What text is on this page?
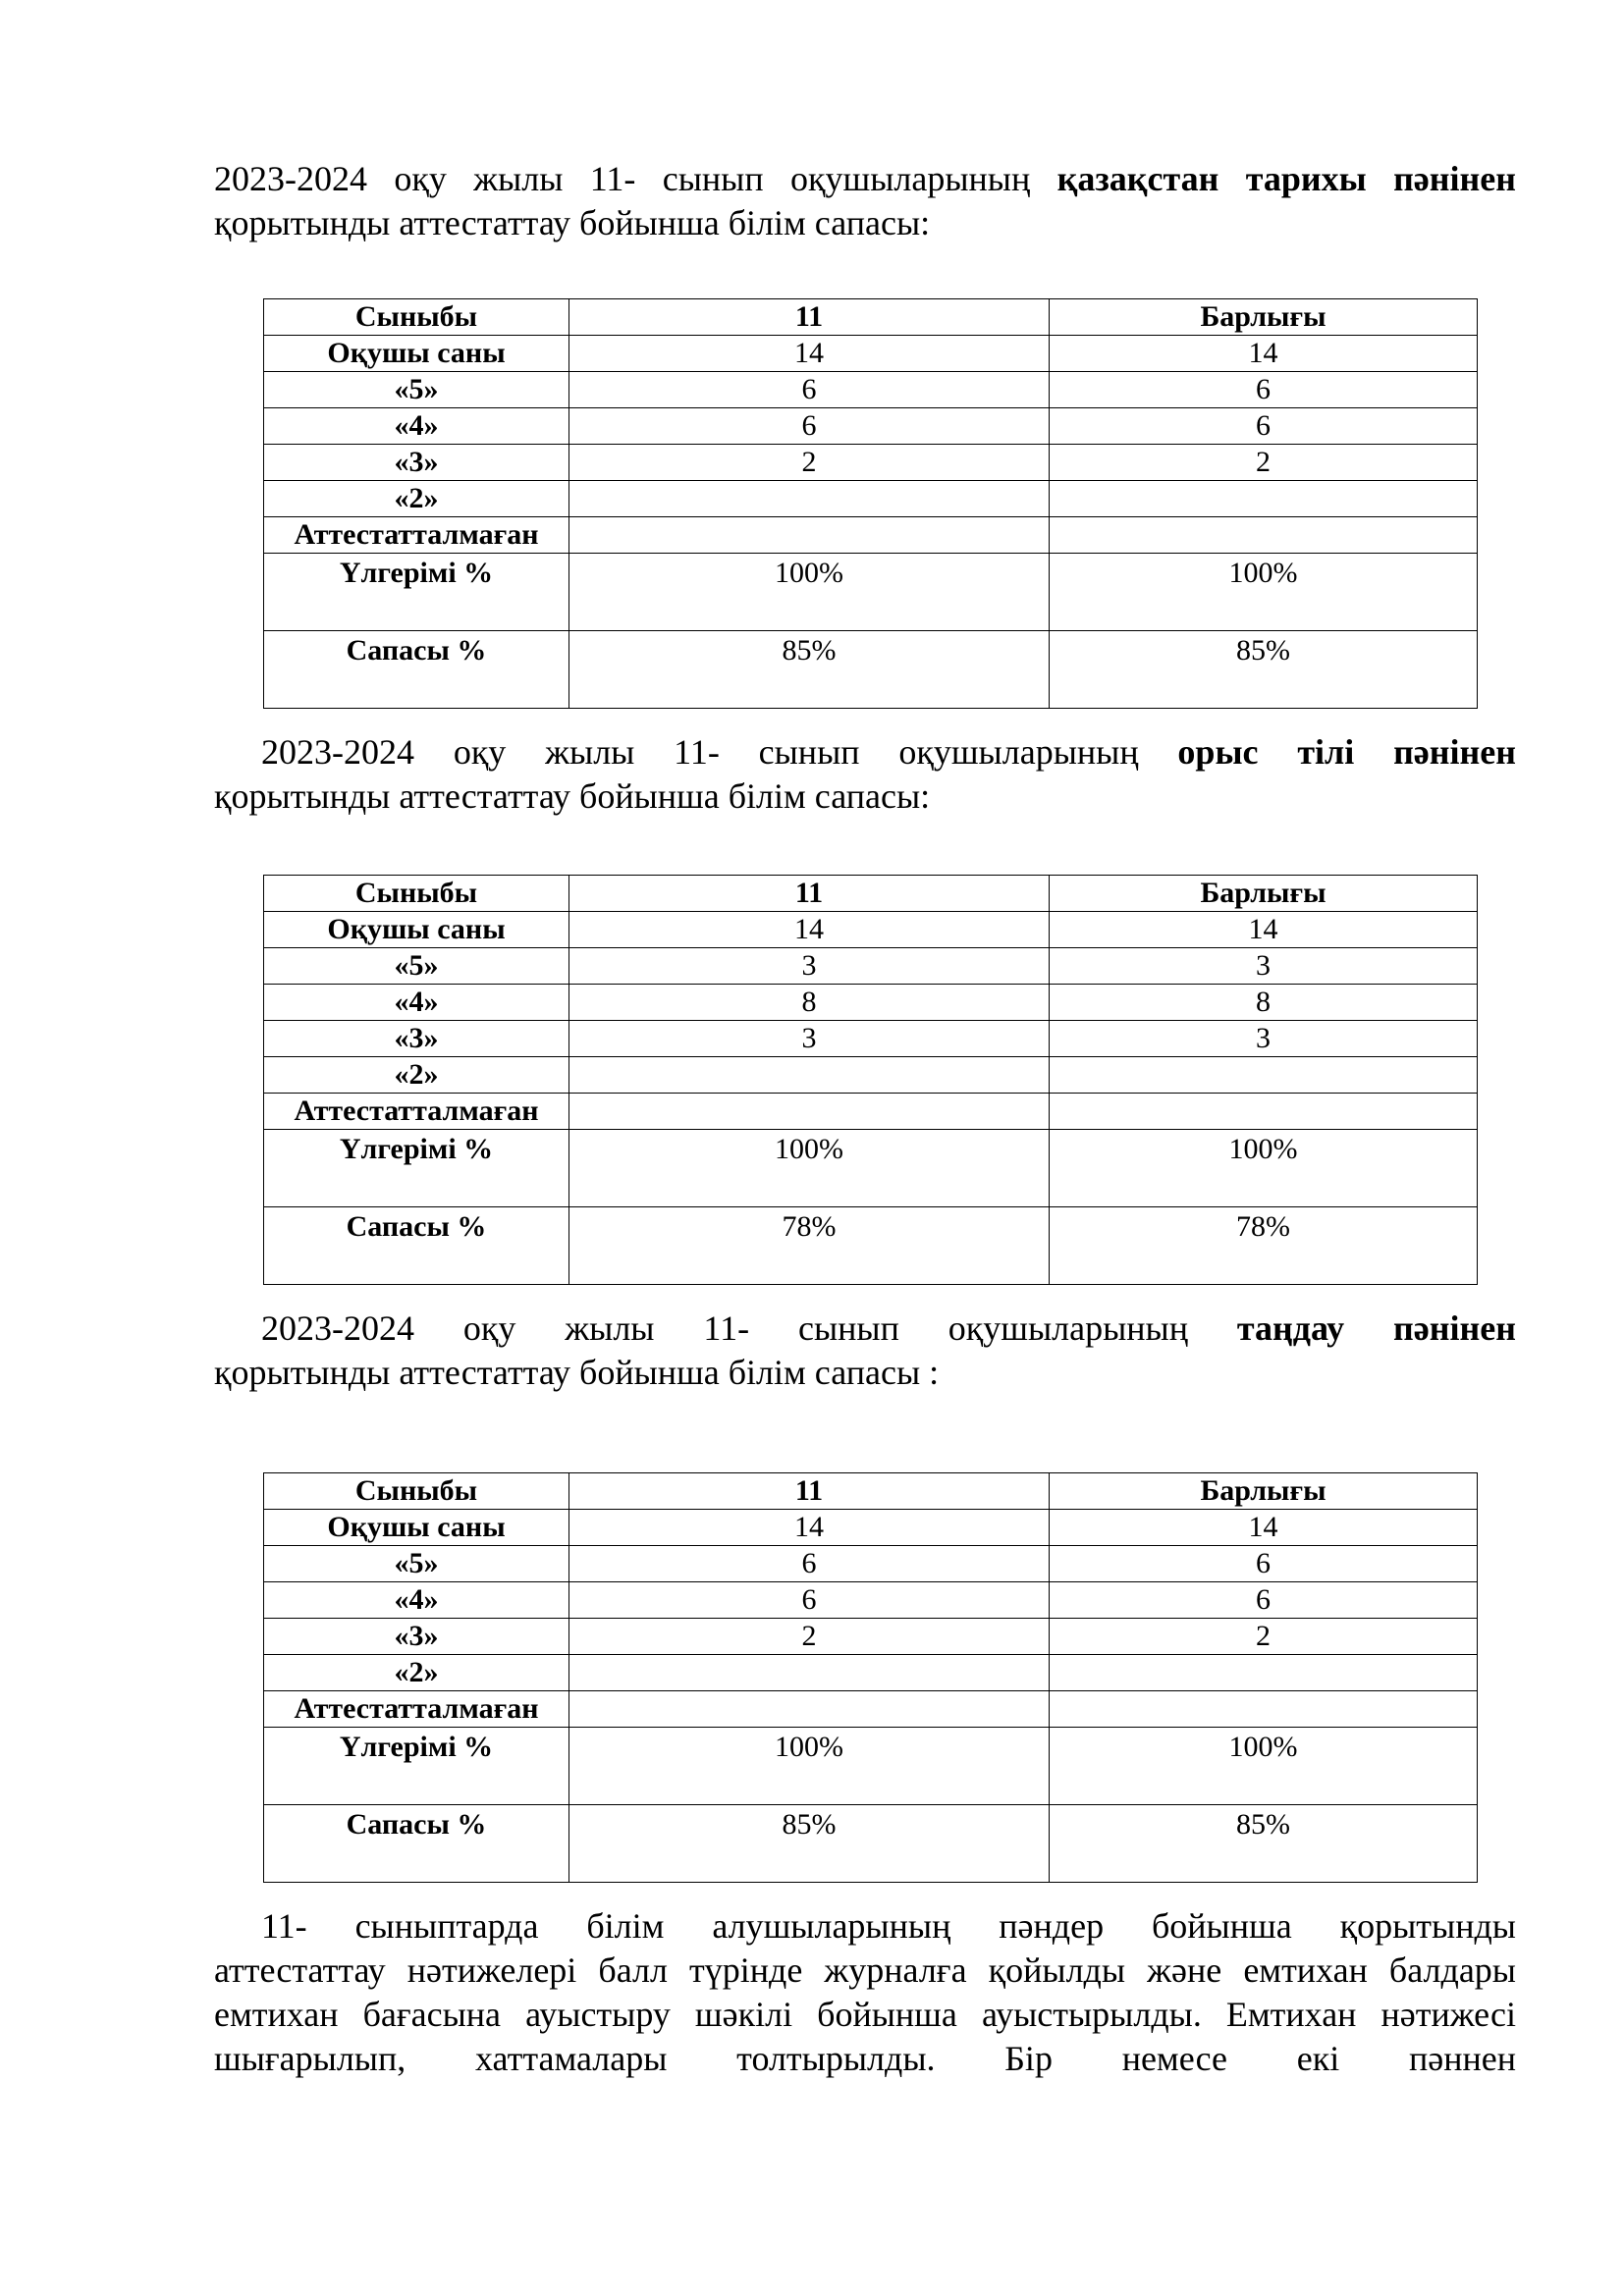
2023-2024 оқу жылы 11- сынып оқушыларының қазақстан тарихы пәнінен
қорытынды аттестаттау бойынша білім сапасы:

Сыныбы	11	Барлығы
Оқушы саны	14	14
«5»	6	6
«4»	6	6
«3»	2	2
«2»		
Аттестатталмаған		
Үлгерімі %	100%	100%
Сапасы %	85%	85%

2023-2024 оқу жылы 11- сынып оқушыларының орыс тілі пәнінен
қорытынды аттестаттау бойынша білім сапасы:

Сыныбы	11	Барлығы
Оқушы саны	14	14
«5»	3	3
«4»	8	8
«3»	3	3
«2»		
Аттестатталмаған		
Үлгерімі %	100%	100%
Сапасы %	78%	78%

2023-2024 оқу жылы 11- сынып оқушыларының таңдау пәнінен
қорытынды аттестаттау бойынша білім сапасы :

Сыныбы	11	Барлығы
Оқушы саны	14	14
«5»	6	6
«4»	6	6
«3»	2	2
«2»		
Аттестатталмаған		
Үлгерімі %	100%	100%
Сапасы %	85%	85%

11- сыныптарда білім алушыларының пәндер бойынша қорытынды
аттестаттау нәтижелері балл түрінде журналға қойылды және емтихан балдары
емтихан бағасына ауыстыру шәкілі бойынша ауыстырылды. Емтихан нәтижесі
шығарылып, хаттамалары толтырылды. Бір немесе екі пәннен
